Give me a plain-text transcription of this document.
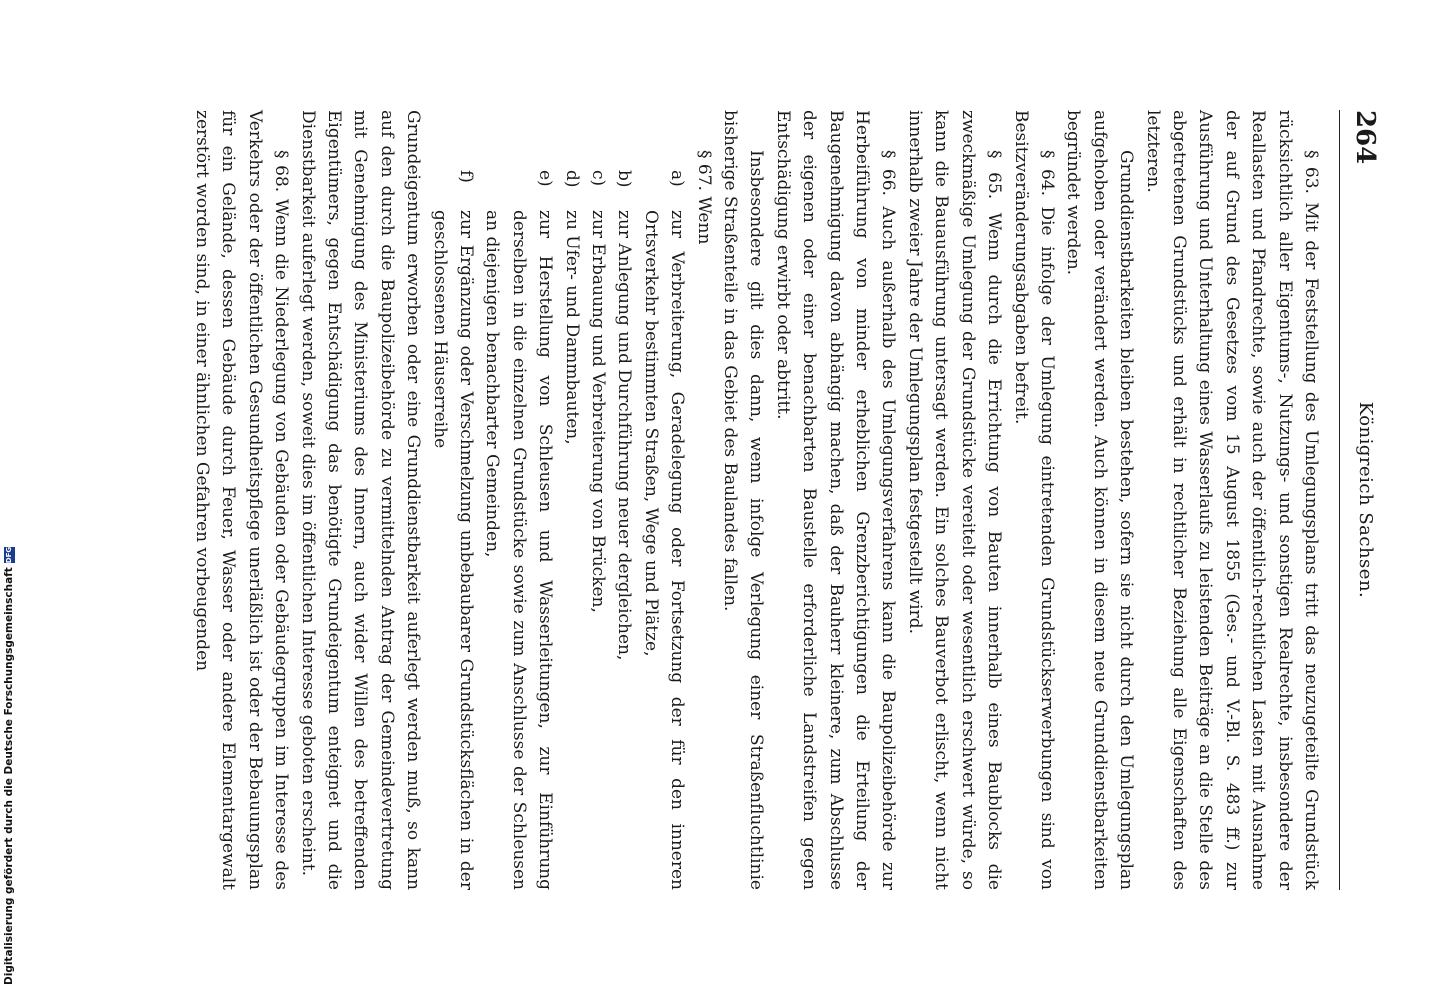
264
Königreich Sachsen.

§ 63. Mit der Feststellung des Umlegungsplans tritt das neuzugeteilte Grundstück rücksichtlich aller Eigentums-, Nutzungs- und sonstigen Realrechte, insbesondere der Reallasten und Pfandrechte, sowie auch der öffentlich-rechtlichen Lasten mit Ausnahme der auf Grund des Gesetzes vom 15 August 1855 (Ges.- und V.-Bl. S. 483 ff.) zur Ausführung und Unterhaltung eines Wasserlaufs zu leistenden Beiträge an die Stelle des abgetretenen Grundstücks und erhält in rechtlicher Beziehung alle Eigenschaften des letzteren.

Grunddienstbarkeiten bleiben bestehen, sofern sie nicht durch den Umlegungsplan aufgehoben oder verändert werden. Auch können in diesem neue Grunddienstbarkeiten begründet werden.

§ 64. Die infolge der Umlegung eintretenden Grundstückserwerbungen sind von Besitzveränderungsabgaben befreit.

§ 65. Wenn durch die Errichtung von Bauten innerhalb eines Baublocks die zweckmäßige Umlegung der Grundstücke vereitelt oder wesentlich erschwert würde, so kann die Bauausführung untersagt werden. Ein solches Bauverbot erlischt, wenn nicht innerhalb zweier Jahre der Umlegungsplan festgestellt wird.

§ 66. Auch außerhalb des Umlegungsverfahrens kann die Baupolizeibehörde zur Herbeiführung von minder erheblichen Grenzberichtigungen die Erteilung der Baugenehmigung davon abhängig machen, daß der Bauherr kleinere, zum Abschlusse der eigenen oder einer benachbarten Baustelle erforderliche Landstreifen gegen Entschädigung erwirbt oder abtritt.

Insbesondere gilt dies dann, wenn infolge Verlegung einer Straßenfluchtlinie bisherige Straßenteile in das Gebiet des Baulandes fallen.

§ 67. Wenn

a)
zur Verbreiterung, Geradelegung oder Fortsetzung der für den inneren Ortsverkehr bestimmten Straßen, Wege und Plätze,
b)
zur Anlegung und Durchführung neuer dergleichen,
c)
zur Erbauung und Verbreiterung von Brücken,
d)
zu Ufer- und Dammbauten,
e)
zur Herstellung von Schleusen und Wasserleitungen, zur Einführung derselben in die einzelnen Grundstücke sowie zum Anschlusse der Schleusen an diejenigen benachbarter Gemeinden,
f)
zur Ergänzung oder Verschmelzung unbebaubarer Grundstücksflächen in der geschlossenen Häuserreihe

Grundeigentum erworben oder eine Grunddienstbarkeit auferlegt werden muß, so kann auf den durch die Baupolizeibehörde zu vermittelnden Antrag der Gemeindevertretung mit Genehmigung des Ministeriums des Innern, auch wider Willen des betreffenden Eigentümers, gegen Entschädigung das benötigte Grundeigentum enteignet und die Dienstbarkeit auferlegt werden, soweit dies im öffentlichen Interesse geboten erscheint.

§ 68. Wenn die Niederlegung von Gebäuden oder Gebäudegruppen im Interesse des Verkehrs oder der öffentlichen Gesundheitspflege unerläßlich ist oder der Bebauungsplan für ein Gelände, dessen Gebäude durch Feuer, Wasser oder andere Elementargewalt zerstört worden sind, in einer ähnlichen Gefahren vorbeugenden

Digitalisierung gefördert durch die Deutsche Forschungsgemeinschaft
DFG
